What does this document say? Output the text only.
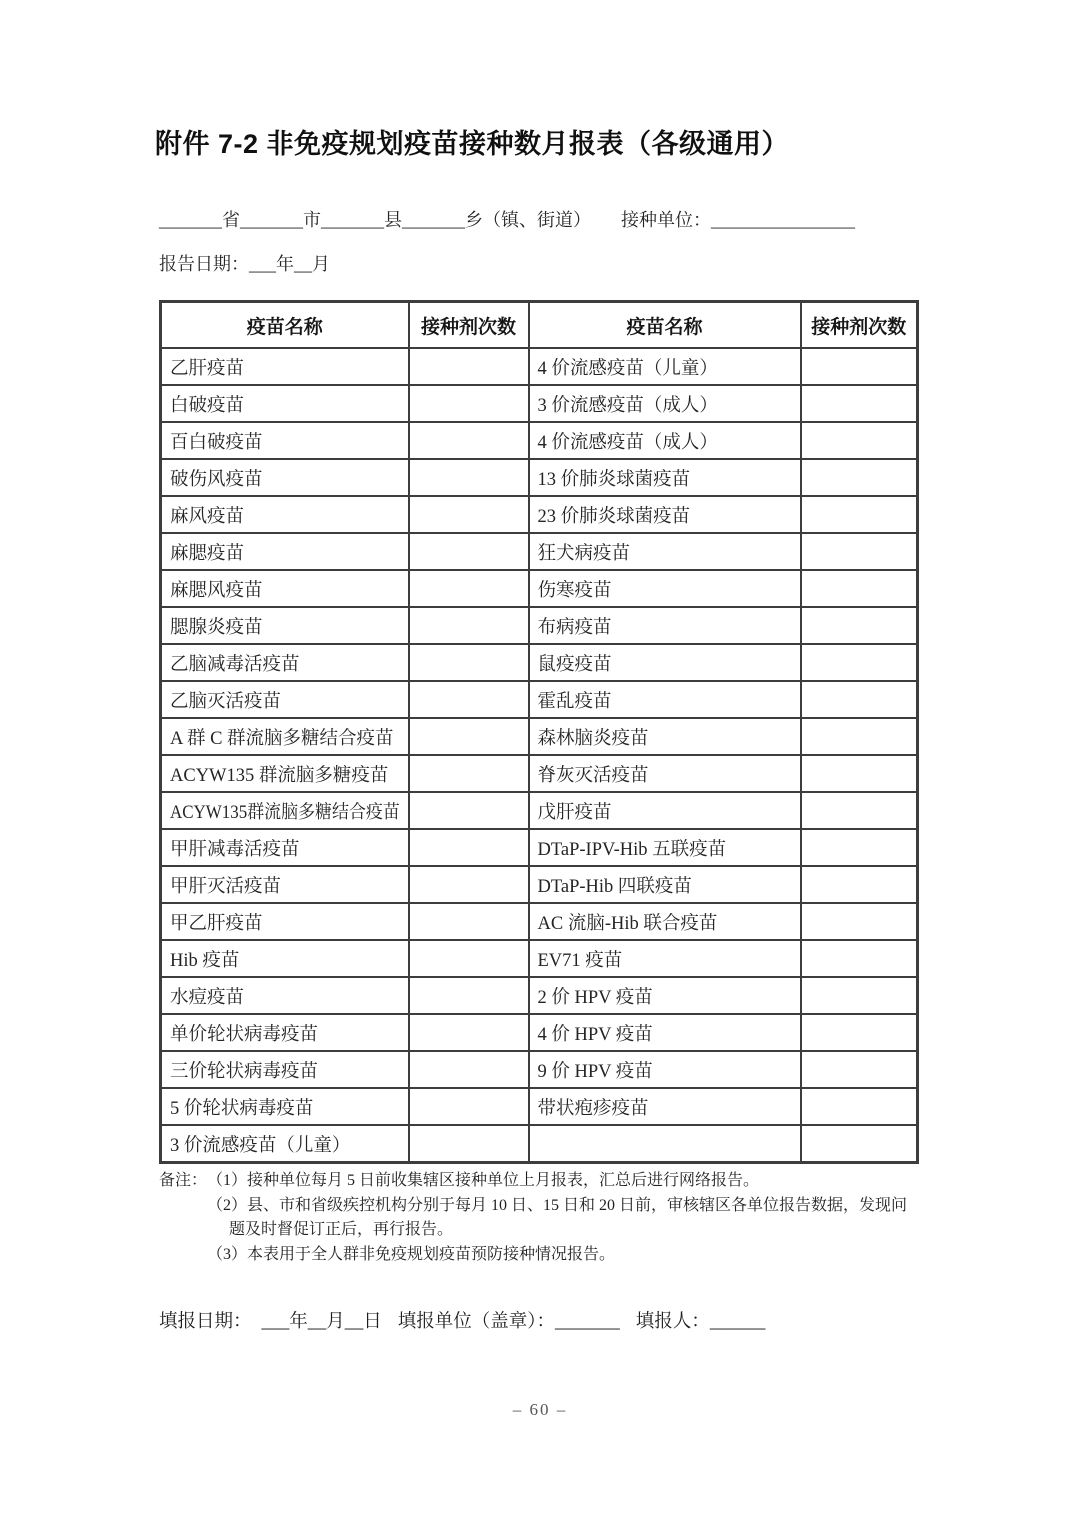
附件 7-2 非免疫规划疫苗接种数月报表（各级通用）
_______省_______市_______县_______乡（镇、街道） 接种单位：________________
报告日期：___年__月
疫苗名称	接种剂次数	疫苗名称	接种剂次数
乙肝疫苗		4 价流感疫苗（儿童）	
白破疫苗		3 价流感疫苗（成人）	
百白破疫苗		4 价流感疫苗（成人）	
破伤风疫苗		13 价肺炎球菌疫苗	
麻风疫苗		23 价肺炎球菌疫苗	
麻腮疫苗		狂犬病疫苗	
麻腮风疫苗		伤寒疫苗	
腮腺炎疫苗		布病疫苗	
乙脑减毒活疫苗		鼠疫疫苗	
乙脑灭活疫苗		霍乱疫苗	
A 群 C 群流脑多糖结合疫苗		森林脑炎疫苗	
ACYW135 群流脑多糖疫苗		脊灰灭活疫苗	
ACYW135群流脑多糖结合疫苗		戊肝疫苗	
甲肝减毒活疫苗		DTaP-IPV-Hib 五联疫苗	
甲肝灭活疫苗		DTaP-Hib 四联疫苗	
甲乙肝疫苗		AC 流脑-Hib 联合疫苗	
Hib 疫苗		EV71 疫苗	
水痘疫苗		2 价 HPV 疫苗	
单价轮状病毒疫苗		4 价 HPV 疫苗	
三价轮状病毒疫苗		9 价 HPV 疫苗	
5 价轮状病毒疫苗		带状疱疹疫苗	
3 价流感疫苗（儿童）			
备注： （1）接种单位每月 5 日前收集辖区接种单位上月报表，汇总后进行网络报告。

（2）县、市和省级疾控机构分别于每月 10 日、15 日和 20 日前，审核辖区各单位报告数据，发现问题及时督促订正后，再行报告。

（3）本表用于全人群非免疫规划疫苗预防接种情况报告。

填报日期： ___年__月__日 填报单位（盖章）：_______ 填报人：______
– 60 –
